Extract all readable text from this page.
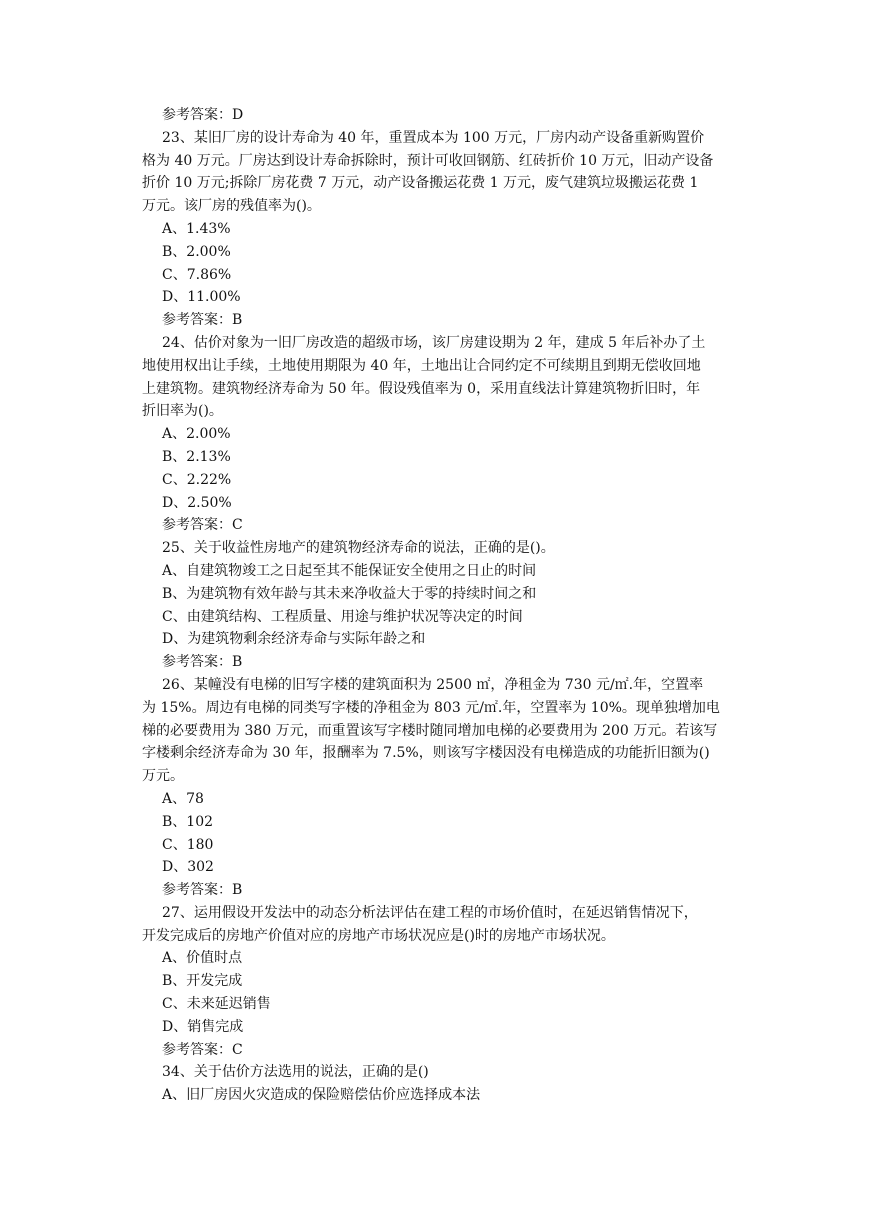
参考答案：D
23、某旧厂房的设计寿命为 40 年，重置成本为 100 万元，厂房内动产设备重新购置价
格为 40 万元。厂房达到设计寿命拆除时，预计可收回钢筋、红砖折价 10 万元，旧动产设备
折价 10 万元;拆除厂房花费 7 万元，动产设备搬运花费 1 万元，废气建筑垃圾搬运花费 1
万元。该厂房的残值率为()。
A、1.43%
B、2.00%
C、7.86%
D、11.00%
参考答案：B
24、估价对象为一旧厂房改造的超级市场，该厂房建设期为 2 年，建成 5 年后补办了土
地使用权出让手续，土地使用期限为 40 年，土地出让合同约定不可续期且到期无偿收回地
上建筑物。建筑物经济寿命为 50 年。假设残值率为 0，采用直线法计算建筑物折旧时，年
折旧率为()。
A、2.00%
B、2.13%
C、2.22%
D、2.50%
参考答案：C
25、关于收益性房地产的建筑物经济寿命的说法，正确的是()。
A、自建筑物竣工之日起至其不能保证安全使用之日止的时间
B、为建筑物有效年龄与其未来净收益大于零的持续时间之和
C、由建筑结构、工程质量、用途与维护状况等决定的时间
D、为建筑物剩余经济寿命与实际年龄之和
参考答案：B
26、某幢没有电梯的旧写字楼的建筑面积为 2500 ㎡，净租金为 730 元/㎡.年，空置率
为 15%。周边有电梯的同类写字楼的净租金为 803 元/㎡.年，空置率为 10%。现单独增加电
梯的必要费用为 380 万元，而重置该写字楼时随同增加电梯的必要费用为 200 万元。若该写
字楼剩余经济寿命为 30 年，报酬率为 7.5%，则该写字楼因没有电梯造成的功能折旧额为()
万元。
A、78
B、102
C、180
D、302
参考答案：B
27、运用假设开发法中的动态分析法评估在建工程的市场价值时，在延迟销售情况下，
开发完成后的房地产价值对应的房地产市场状况应是()时的房地产市场状况。
A、价值时点
B、开发完成
C、未来延迟销售
D、销售完成
参考答案：C
34、关于估价方法选用的说法，正确的是()
A、旧厂房因火灾造成的保险赔偿估价应选择成本法
